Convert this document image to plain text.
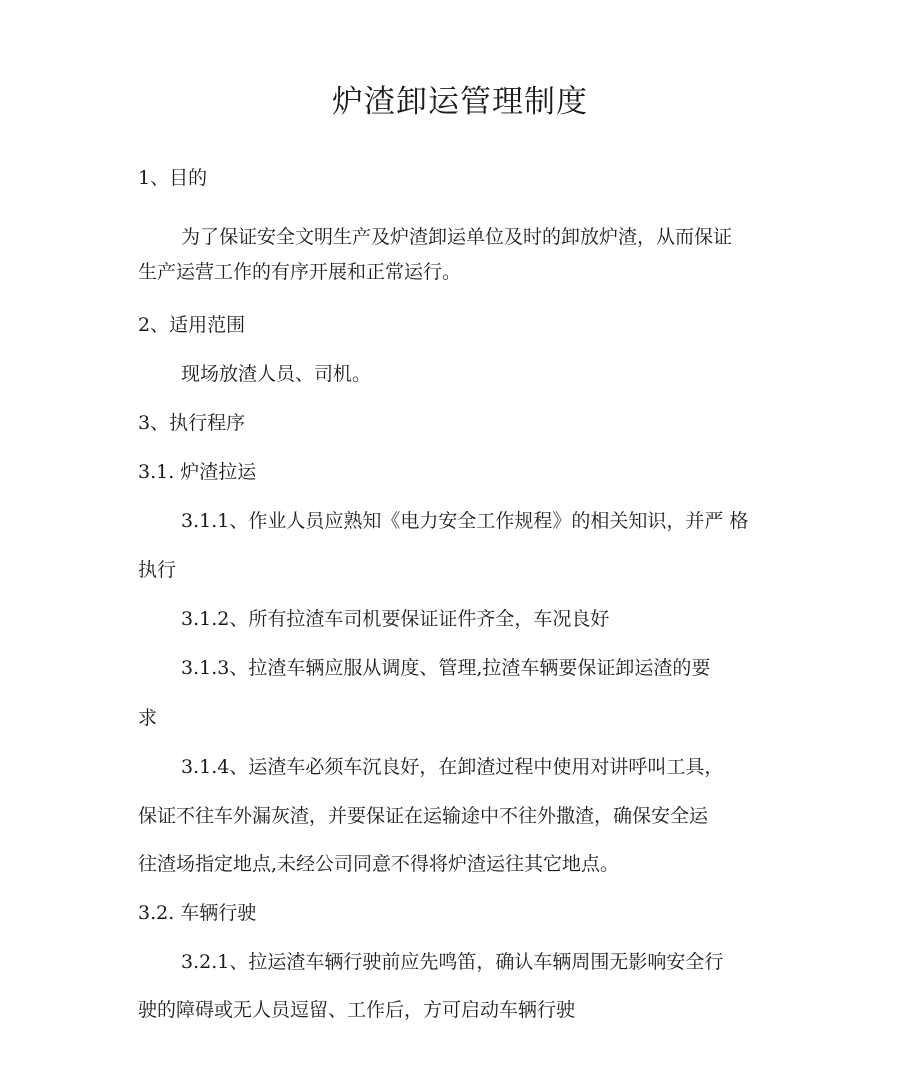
炉渣卸运管理制度
1、目的
为了保证安全文明生产及炉渣卸运单位及时的卸放炉渣，从而保证
生产运营工作的有序开展和正常运行。
2、适用范围
现场放渣人员、司机。
3、执行程序
3.1. 炉渣拉运
3.1.1、作业人员应熟知《电力安全工作规程》的相关知识，并严 格
执行
3.1.2、所有拉渣车司机要保证证件齐全，车况良好
3.1.3、拉渣车辆应服从调度、管理,拉渣车辆要保证卸运渣的要
求
3.1.4、运渣车必须车沉良好，在卸渣过程中使用对讲呼叫工具，
保证不往车外漏灰渣，并要保证在运输途中不往外撒渣，确保安全运
往渣场指定地点,未经公司同意不得将炉渣运往其它地点。
3.2. 车辆行驶
3.2.1、拉运渣车辆行驶前应先鸣笛，确认车辆周围无影响安全行
驶的障碍或无人员逗留、工作后，方可启动车辆行驶
